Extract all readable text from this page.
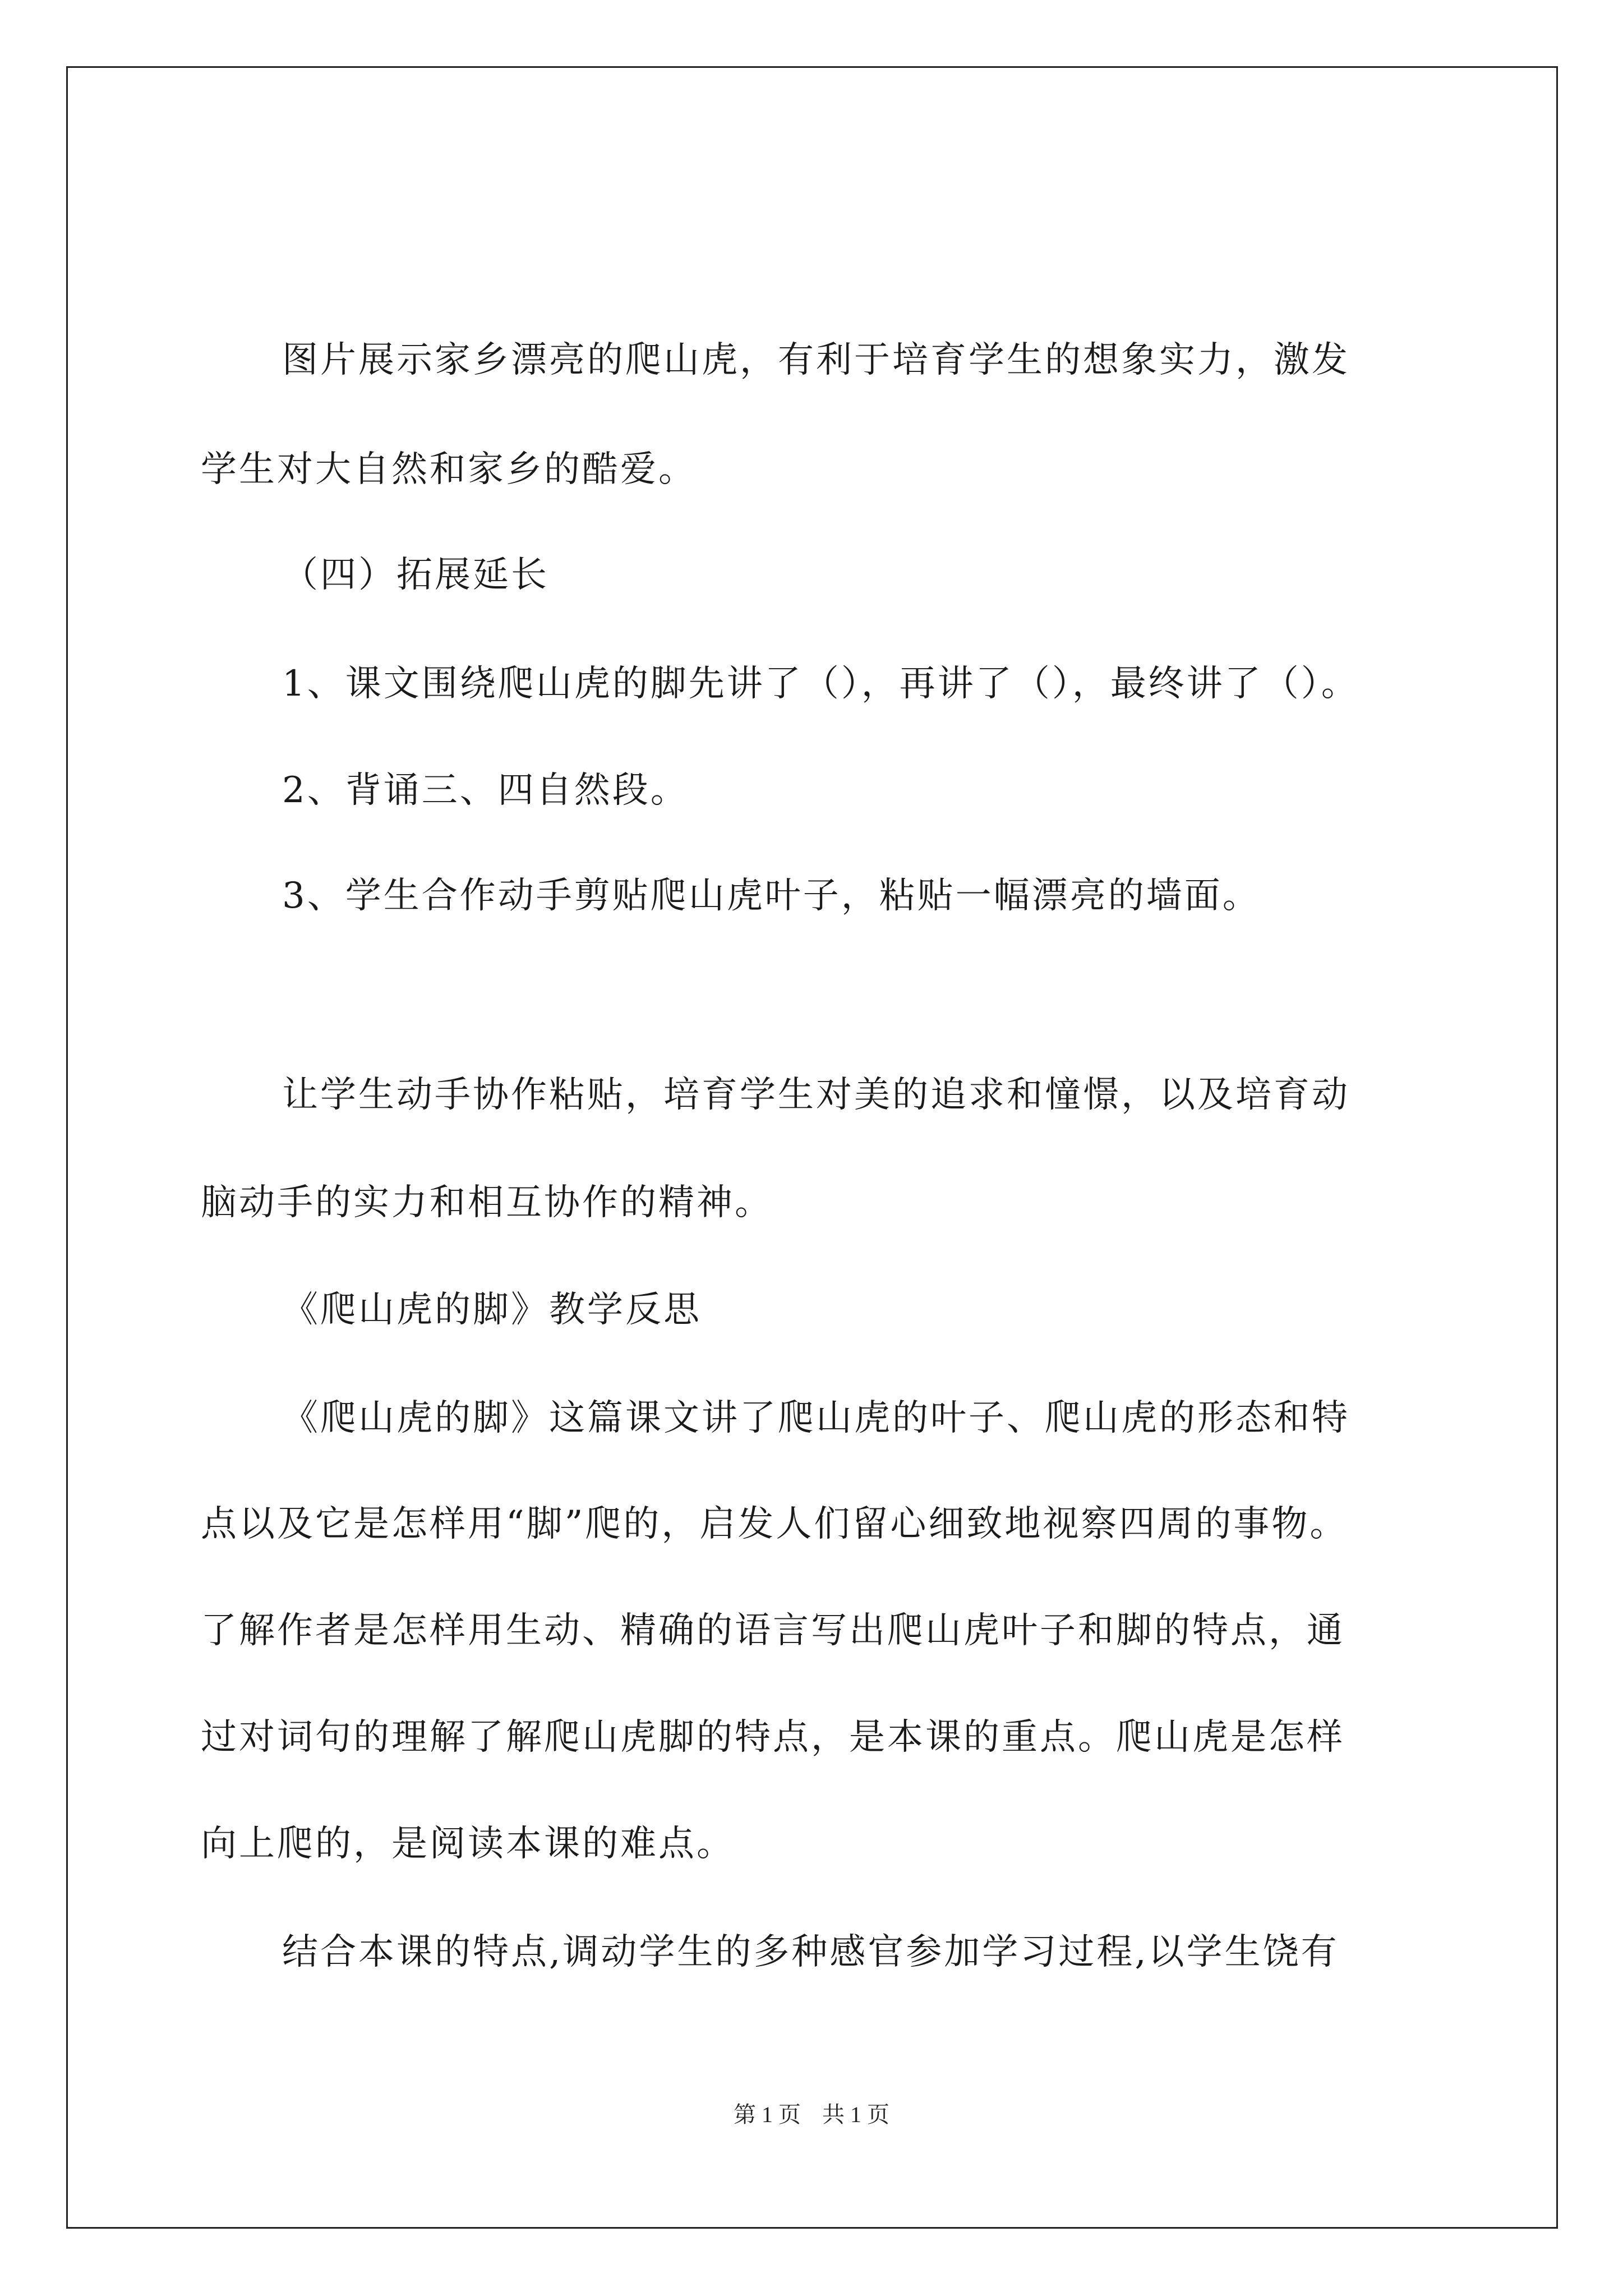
图片展示家乡漂亮的爬山虎，有利于培育学生的想象实力，激发
学生对大自然和家乡的酷爱。
（四）拓展延长
1、课文围绕爬山虎的脚先讲了（），再讲了（），最终讲了（）。
2、背诵三、四自然段。
3、学生合作动手剪贴爬山虎叶子，粘贴一幅漂亮的墙面。
让学生动手协作粘贴，培育学生对美的追求和憧憬，以及培育动
脑动手的实力和相互协作的精神。
《爬山虎的脚》教学反思
《爬山虎的脚》这篇课文讲了爬山虎的叶子、爬山虎的形态和特
点以及它是怎样用“脚”爬的，启发人们留心细致地视察四周的事物。
了解作者是怎样用生动、精确的语言写出爬山虎叶子和脚的特点，通
过对词句的理解了解爬山虎脚的特点，是本课的重点。爬山虎是怎样
向上爬的，是阅读本课的难点。
结合本课的特点,调动学生的多种感官参加学习过程,以学生饶有
第 1 页 共 1 页
